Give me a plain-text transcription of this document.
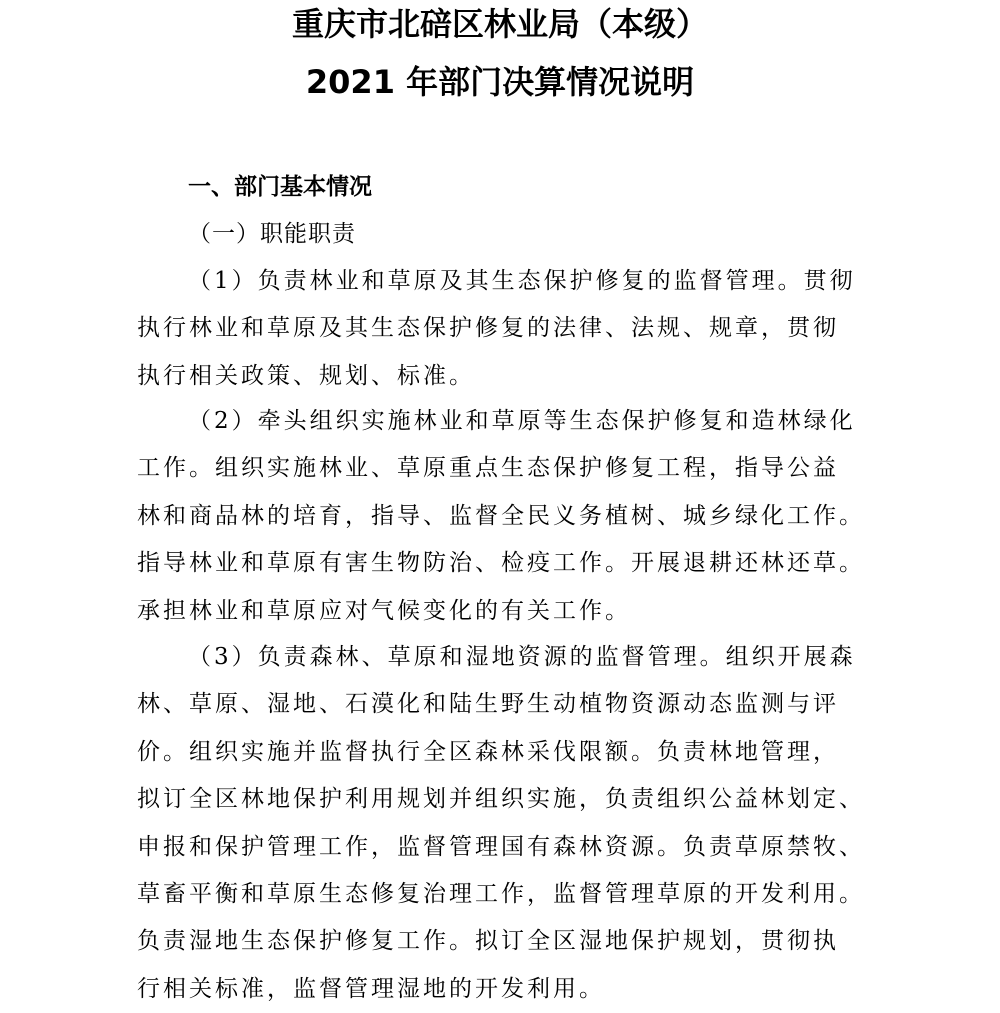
重庆市北碚区林业局（本级）
2021 年部门决算情况说明
一、部门基本情况
（一）职能职责
（1）负责林业和草原及其生态保护修复的监督管理。贯彻
执行林业和草原及其生态保护修复的法律、法规、规章，贯彻
执行相关政策、规划、标准。
（2）牵头组织实施林业和草原等生态保护修复和造林绿化
工作。组织实施林业、草原重点生态保护修复工程，指导公益
林和商品林的培育，指导、监督全民义务植树、城乡绿化工作。
指导林业和草原有害生物防治、检疫工作。开展退耕还林还草。
承担林业和草原应对气候变化的有关工作。
（3）负责森林、草原和湿地资源的监督管理。组织开展森
林、草原、湿地、石漠化和陆生野生动植物资源动态监测与评
价。组织实施并监督执行全区森林采伐限额。负责林地管理，
拟订全区林地保护利用规划并组织实施，负责组织公益林划定、
申报和保护管理工作，监督管理国有森林资源。负责草原禁牧、
草畜平衡和草原生态修复治理工作，监督管理草原的开发利用。
负责湿地生态保护修复工作。拟订全区湿地保护规划，贯彻执
行相关标准，监督管理湿地的开发利用。
